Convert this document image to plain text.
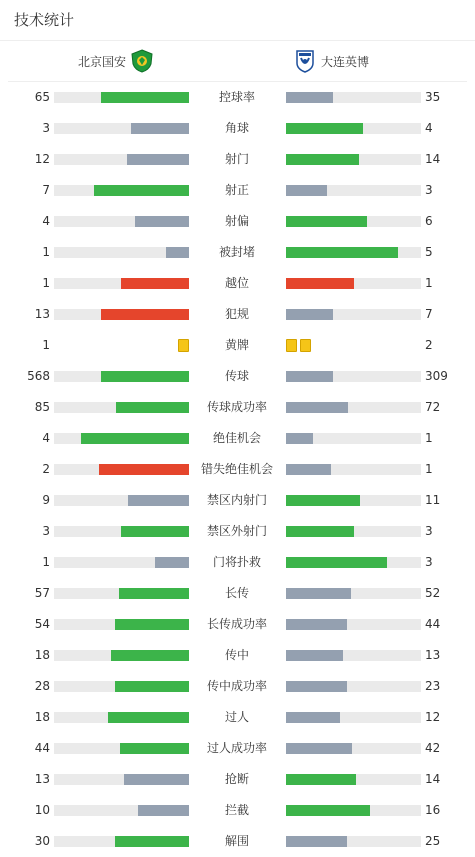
技术统计
北京国安	大连英博
65	控球率	35
3	角球	4
12	射门	14
7	射正	3
4	射偏	6
1	被封堵	5
1	越位	1
13	犯规	7
1	黄牌	2
568	传球	309
85	传球成功率	72
4	绝佳机会	1
2	错失绝佳机会	1
9	禁区内射门	11
3	禁区外射门	3
1	门将扑救	3
57	长传	52
54	长传成功率	44
18	传中	13
28	传中成功率	23
18	过人	12
44	过人成功率	42
13	抢断	14
10	拦截	16
30	解围	25
